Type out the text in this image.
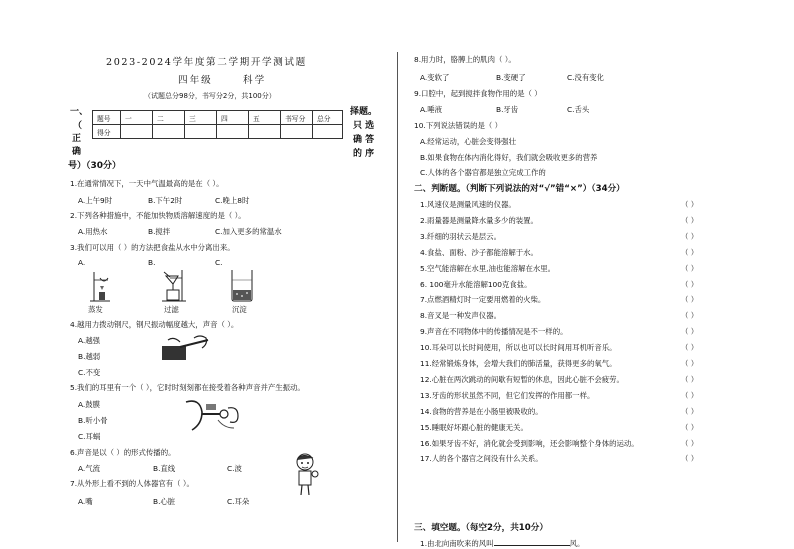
2023-2024学年度第二学期开学测试题
四年级	科学
（试题总分98分，书写分2分，共100分）
一、
（
正
确
号）（30分）
择题。
只 选
确 答
的 序
题号	一	二	三	四	五	书写分	总分
得分							
1.在通常情况下，一天中气温最高的是在（ ）。
A.上午9时	B.下午2时	C.晚上8时
2.下列各种措施中，不能加快物质溶解速度的是（ ）。
A.用热水	B.搅拌	C.加入更多的常温水
3.我们可以用（ ）的方法把食盐从水中分离出来。
A.	B.	C.
蒸发	过滤	沉淀
4.越用力拨动钢尺，钢尺振动幅度越大，声音（ ）。
A.越强
B.越弱
C.不变
5.我们的耳里有一个（ ），它时时刻刻都在接受着各种声音并产生振动。
A.鼓膜
B.听小骨
C.耳蜗
6.声音是以（ ）的形式传播的。
A.气流	B.直线	C.波
7.从外形上看不到的人体器官有（ ）。
A.嘴	B.心脏	C.耳朵
8.用力时，胳膊上的肌肉（ ）。
A.变软了	B.变硬了	C.没有变化
9.口腔中，起到搅拌食物作用的是（ ）
A.唾液	B.牙齿	C.舌头
10.下列说法错误的是（ ）
A.经常运动，心脏会变得强壮
B.如果食物在体内消化得好，我们就会吸收更多的营养
C.人体的各个器官都是独立完成工作的
二、判断题。（判断下列说法的对“√”错“×”）（34分）
1.风速仪是测量风速的仪器。	（ ）
2.雨量器是测量降水量多少的装置。	（ ）
3.纤细的羽状云是层云。	（ ）
4.食盐、面粉、沙子都能溶解于水。	（ ）
5.空气能溶解在水里,油也能溶解在水里。	（ ）
6. 100毫升水能溶解100克食盐。	（ ）
7.点燃酒精灯时一定要用燃着的火柴。	（ ）
8.音叉是一种发声仪器。	（ ）
9.声音在不同物体中的传播情况是不一样的。	（ ）
10.耳朵可以长时间使用，所以也可以长时间用耳机听音乐。	（ ）
11.经常锻炼身体，会增大我们的肺活量，获得更多的氧气。	（ ）
12.心脏在两次跳动的间歇有短暂的休息，因此心脏不会疲劳。	（ ）
13.牙齿的形状虽然不同，但它们发挥的作用都一样。	（ ）
14.食物的营养是在小肠里被吸收的。	（ ）
15.睡眠好坏跟心脏的健康无关。	（ ）
16.如果牙齿不好，消化就会受到影响，还会影响整个身体的运动。	（ ）
17.人的各个器官之间没有什么关系。	（ ）
三、填空题。（每空2分，共10分）
1.由北向南吹来的风叫	风。
